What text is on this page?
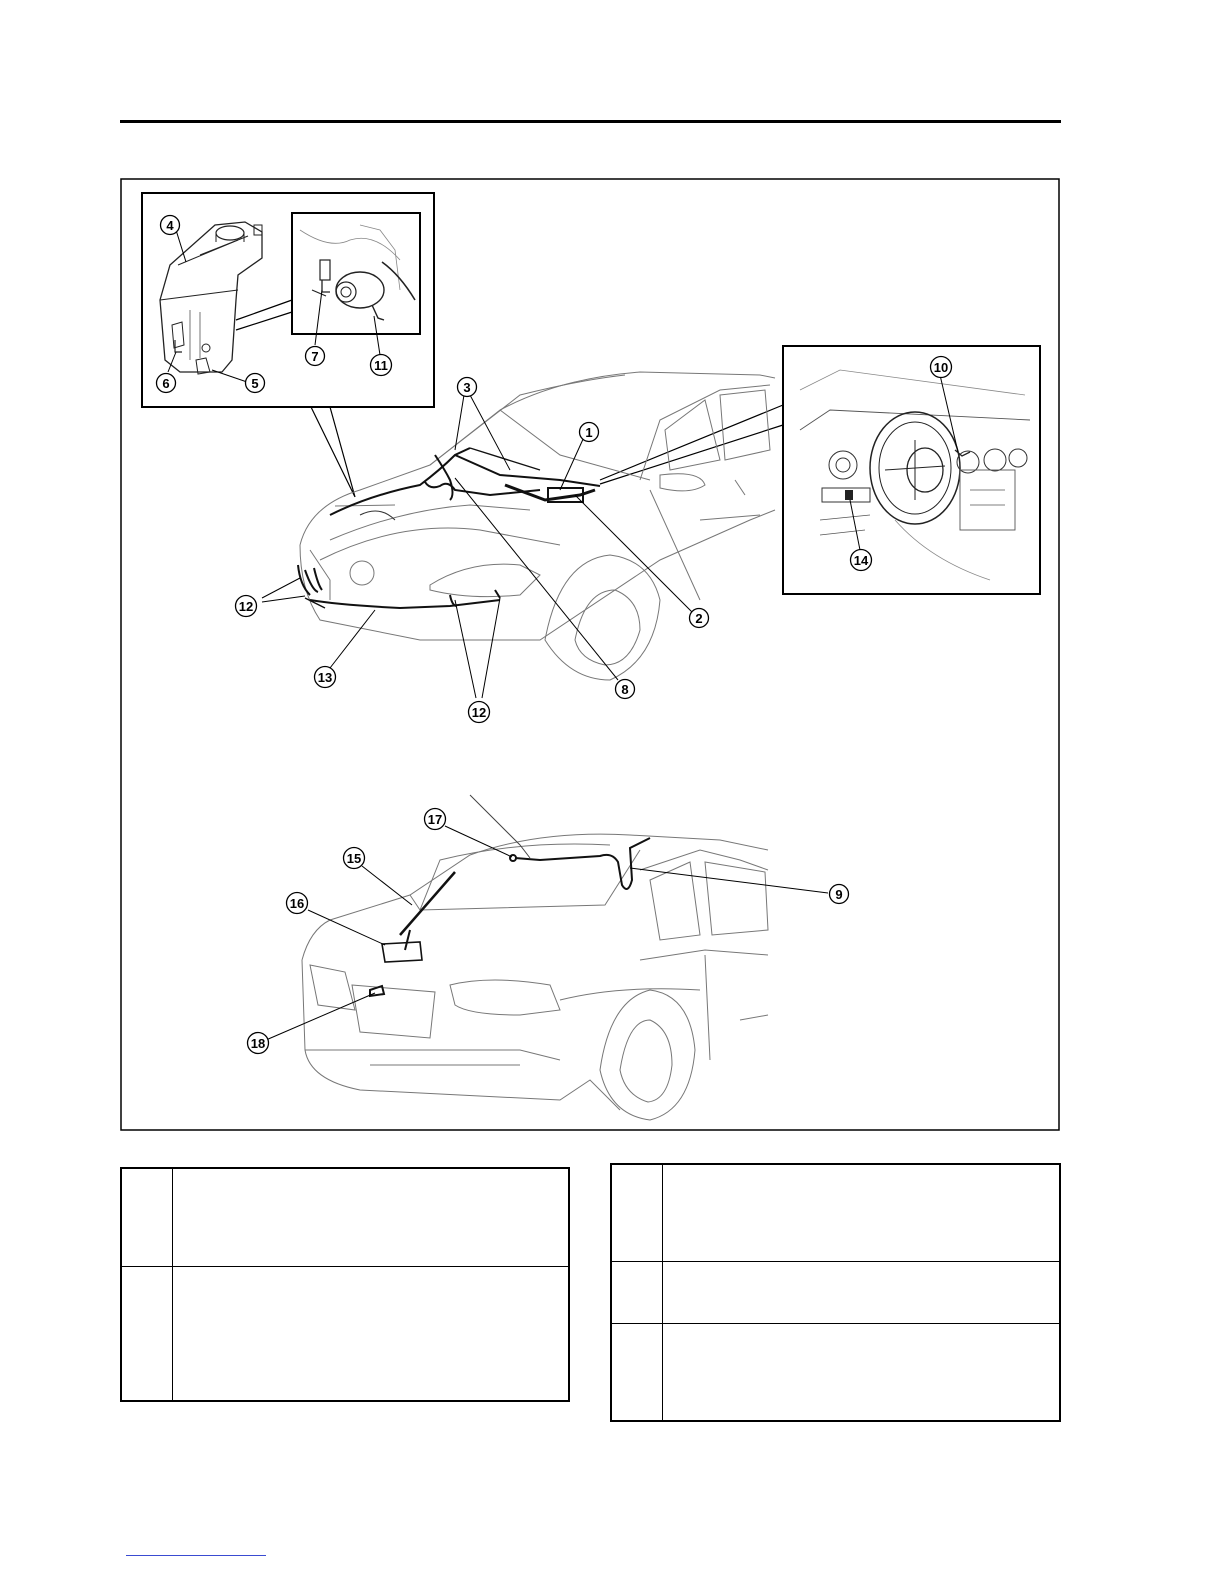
1
2
3
4
5
6
7
8
9
10
11
12
12
13
14
15
16
17
18
